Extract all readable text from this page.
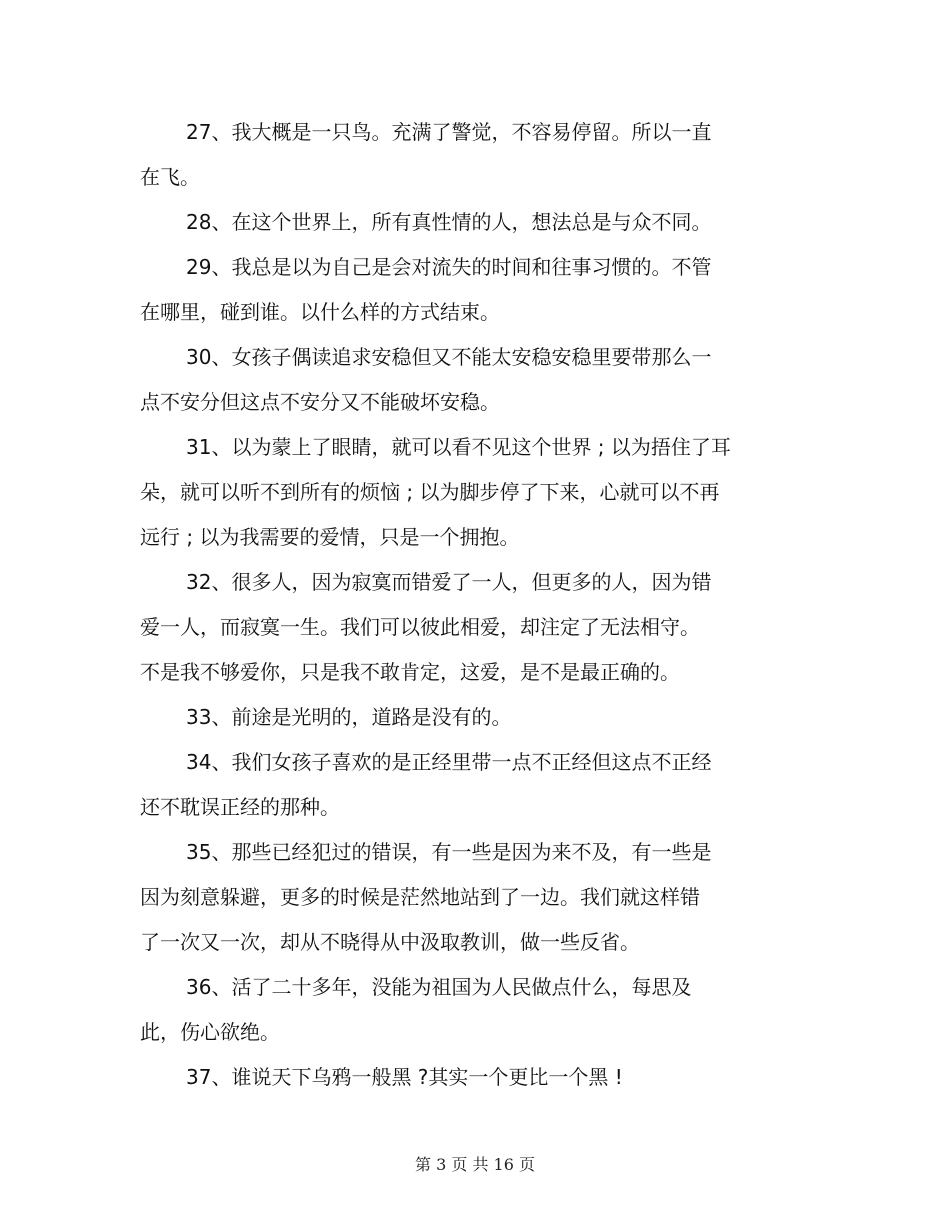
27、我大概是一只鸟。充满了警觉，不容易停留。所以一直
在飞。
28、在这个世界上，所有真性情的人，想法总是与众不同。
29、我总是以为自己是会对流失的时间和往事习惯的。不管
在哪里，碰到谁。以什么样的方式结束。
30、女孩子偶读追求安稳但又不能太安稳安稳里要带那么一
点不安分但这点不安分又不能破坏安稳。
31、以为蒙上了眼睛，就可以看不见这个世界 ; 以为捂住了耳
朵，就可以听不到所有的烦恼 ; 以为脚步停了下来，心就可以不再
远行 ; 以为我需要的爱情，只是一个拥抱。
32、很多人，因为寂寞而错爱了一人，但更多的人，因为错
爱一人，而寂寞一生。我们可以彼此相爱，却注定了无法相守。
不是我不够爱你，只是我不敢肯定，这爱，是不是最正确的。
33、前途是光明的，道路是没有的。
34、我们女孩子喜欢的是正经里带一点不正经但这点不正经
还不耽误正经的那种。
35、那些已经犯过的错误，有一些是因为来不及，有一些是
因为刻意躲避，更多的时候是茫然地站到了一边。我们就这样错
了一次又一次，却从不晓得从中汲取教训，做一些反省。
36、活了二十多年，没能为祖国为人民做点什么，每思及
此，伤心欲绝。
37、谁说天下乌鸦一般黑 ?其实一个更比一个黑 !
第 3 页 共 16 页
